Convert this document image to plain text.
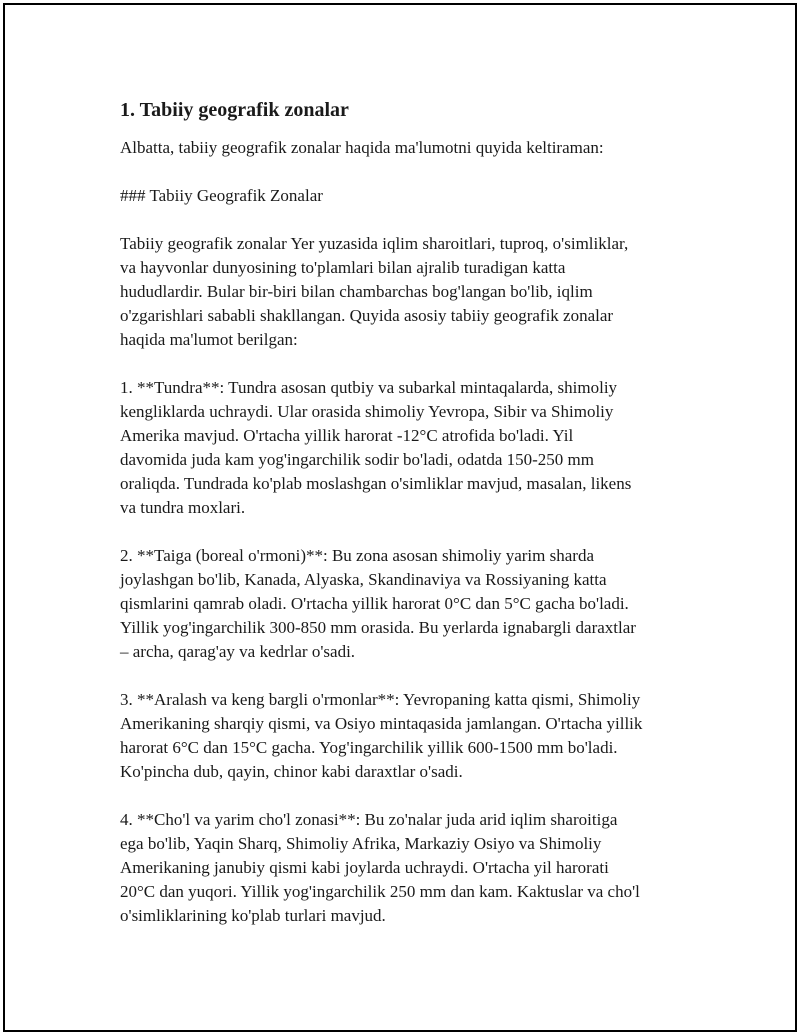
1. Tabiiy geografik zonalar

Albatta, tabiiy geografik zonalar haqida ma'lumotni quyida keltiraman:

### Tabiiy Geografik Zonalar

Tabiiy geografik zonalar Yer yuzasida iqlim sharoitlari, tuproq, o'simliklar,
va hayvonlar dunyosining to'plamlari bilan ajralib turadigan katta
hududlardir. Bular bir-biri bilan chambarchas bog'langan bo'lib, iqlim
o'zgarishlari sababli shakllangan. Quyida asosiy tabiiy geografik zonalar
haqida ma'lumot berilgan:

1. **Tundra**: Tundra asosan qutbiy va subarkal mintaqalarda, shimoliy
kengliklarda uchraydi. Ular orasida shimoliy Yevropa, Sibir va Shimoliy
Amerika mavjud. O'rtacha yillik harorat -12°C atrofida bo'ladi. Yil
davomida juda kam yog'ingarchilik sodir bo'ladi, odatda 150-250 mm
oraliqda. Tundrada ko'plab moslashgan o'simliklar mavjud, masalan, likens
va tundra moxlari.

2. **Taiga (boreal o'rmoni)**: Bu zona asosan shimoliy yarim sharda
joylashgan bo'lib, Kanada, Alyaska, Skandinaviya va Rossiyaning katta
qismlarini qamrab oladi. O'rtacha yillik harorat 0°C dan 5°C gacha bo'ladi.
Yillik yog'ingarchilik 300-850 mm orasida. Bu yerlarda ignabargli daraxtlar
– archa, qarag'ay va kedrlar o'sadi.

3. **Aralash va keng bargli o'rmonlar**: Yevropaning katta qismi, Shimoliy
Amerikaning sharqiy qismi, va Osiyo mintaqasida jamlangan. O'rtacha yillik
harorat 6°C dan 15°C gacha. Yog'ingarchilik yillik 600-1500 mm bo'ladi.
Ko'pincha dub, qayin, chinor kabi daraxtlar o'sadi.

4. **Cho'l va yarim cho'l zonasi**: Bu zo'nalar juda arid iqlim sharoitiga
ega bo'lib, Yaqin Sharq, Shimoliy Afrika, Markaziy Osiyo va Shimoliy
Amerikaning janubiy qismi kabi joylarda uchraydi. O'rtacha yil harorati
20°C dan yuqori. Yillik yog'ingarchilik 250 mm dan kam. Kaktuslar va cho'l
o'simliklarining ko'plab turlari mavjud.
